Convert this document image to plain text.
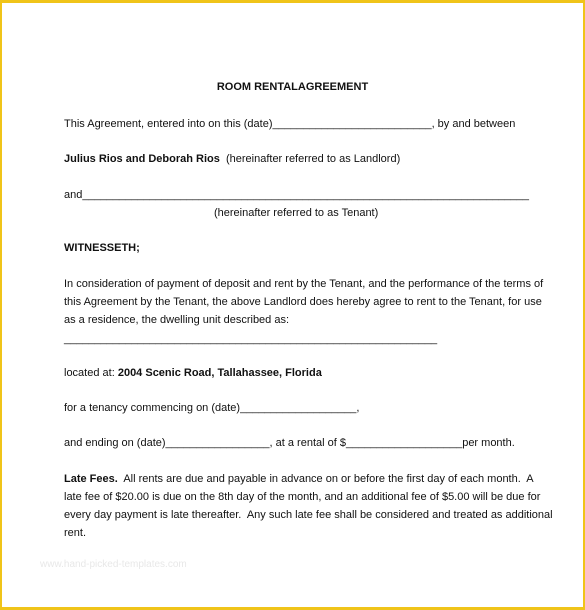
ROOM RENTALAGREEMENT
This Agreement, entered into on this (date)__________________________, by and between
Julius Rios and Deborah Rios  (hereinafter referred to as Landlord)
and_________________________________________________________________________
(hereinafter referred to as Tenant)
WITNESSETH;
In consideration of payment of deposit and rent by the Tenant, and the performance of the terms of
this Agreement by the Tenant, the above Landlord does hereby agree to rent to the Tenant, for use
as a residence, the dwelling unit described as:
_____________________________________________________________
located at: 2004 Scenic Road, Tallahassee, Florida
for a tenancy commencing on (date)___________________,
and ending on (date)_________________, at a rental of $___________________per month.
Late Fees.  All rents are due and payable in advance on or before the first day of each month.  A
late fee of $20.00 is due on the 8th day of the month, and an additional fee of $5.00 will be due for
every day payment is late thereafter.  Any such late fee shall be considered and treated as additional
rent.
www.hand-picked-templates.com
